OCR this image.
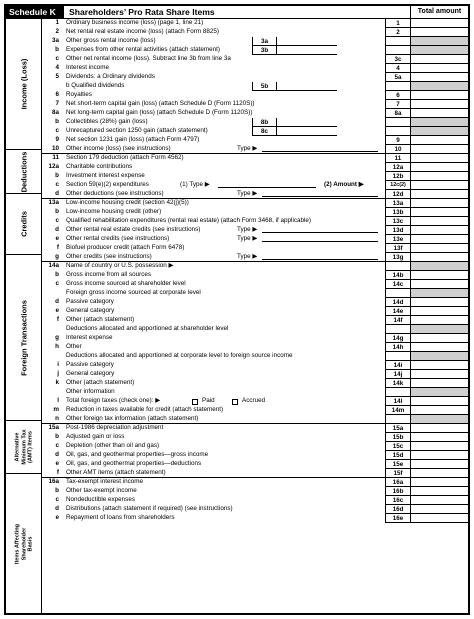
Schedule K	Shareholders’ Pro Rata Share Items	Total amount
Income (Loss)
Deductions
Credits
Foreign Transactions
Alternative Minimum Tax (AMT) Items
Items Affecting Shareholder Basis
1 Ordinary business income (loss) (page 1, line 21)	1
2 Net rental real estate income (loss) (attach Form 8825)	2
3a Other gross rental income (loss)	3a
b Expenses from other rental activities (attach statement)	3b
c Other net rental income (loss). Subtract line 3b from line 3a	3c
4 Interest income	4
5 Dividends: a Ordinary dividends	5a
b Qualified dividends	5b
6 Royalties	6
7 Net short-term capital gain (loss) (attach Schedule D (Form 1120S))	7
8a Net long-term capital gain (loss) (attach Schedule D (Form 1120S))	8a
b Collectibles (28%) gain (loss)	8b
c Unrecaptured section 1250 gain (attach statement)	8c
9 Net section 1231 gain (loss) (attach Form 4797)	9
10 Other income (loss) (see instructions)	Type ▶	10
11 Section 179 deduction (attach Form 4562)	11
12a Charitable contributions	12a
b Investment interest expense	12b
c Section 59(e)(2) expenditures	(1) Type ▶	(2) Amount ▶	12c(2)
d Other deductions (see instructions)	Type ▶	12d
13a Low-income housing credit (section 42(j)(5))	13a
b Low-income housing credit (other)	13b
c Qualified rehabilitation expenditures (rental real estate) (attach Form 3468, if applicable)	13c
d Other rental real estate credits (see instructions)	Type ▶	13d
e Other rental credits (see instructions)	Type ▶	13e
f Biofuel producer credit (attach Form 6478)	13f
g Other credits (see instructions)	Type ▶	13g
14a Name of country or U.S. possession ▶
b Gross income from all sources	14b
c Gross income sourced at shareholder level	14c
Foreign gross income sourced at corporate level
d Passive category	14d
e General category	14e
f Other (attach statement)	14f
Deductions allocated and apportioned at shareholder level
g Interest expense	14g
h Other	14h
Deductions allocated and apportioned at corporate level to foreign source income
i Passive category	14i
j General category	14j
k Other (attach statement)	14k
Other information
l Total foreign taxes (check one): ▶	Paid	Accrued	14l
m Reduction in taxes available for credit (attach statement)	14m
n Other foreign tax information (attach statement)
15a Post-1986 depreciation adjustment	15a
b Adjusted gain or loss	15b
c Depletion (other than oil and gas)	15c
d Oil, gas, and geothermal properties—gross income	15d
e Oil, gas, and geothermal properties—deductions	15e
f Other AMT items (attach statement)	15f
16a Tax-exempt interest income	16a
b Other tax-exempt income	16b
c Nondeductible expenses	16c
d Distributions (attach statement if required) (see instructions)	16d
e Repayment of loans from shareholders	16e
